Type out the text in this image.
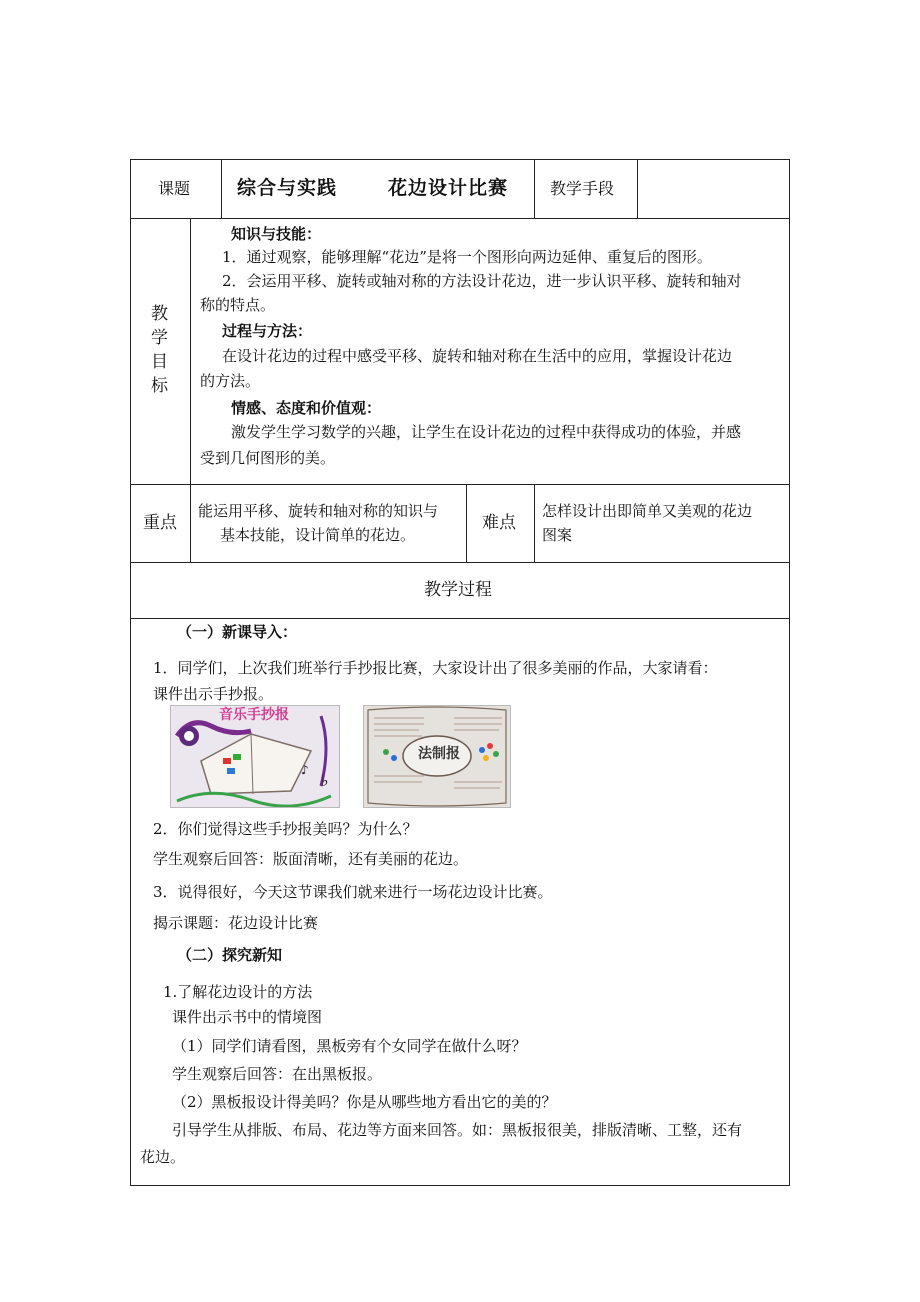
课题 综合与实践	花边设计比赛	教学手段
教
学
目
标
知识与技能：
1．通过观察，能够理解“花边”是将一个图形向两边延伸、重复后的图形。
2．会运用平移、旋转或轴对称的方法设计花边，进一步认识平移、旋转和轴对
称的特点。
过程与方法：
在设计花边的过程中感受平移、旋转和轴对称在生活中的应用，掌握设计花边
的方法。
情感、态度和价值观：
激发学生学习数学的兴趣，让学生在设计花边的过程中获得成功的体验，并感
受到几何图形的美。
重点
能运用平移、旋转和轴对称的知识与
基本技能，设计简单的花边。
难点
怎样设计出即简单又美观的花边
图案
教学过程
（一）新课导入：
1．同学们，上次我们班举行手抄报比赛，大家设计出了很多美丽的作品，大家请看：
课件出示手抄报。
♭
♪
音乐手抄报
法制报
2．你们觉得这些手抄报美吗？为什么？
学生观察后回答：版面清晰，还有美丽的花边。
3．说得很好，今天这节课我们就来进行一场花边设计比赛。
揭示课题：花边设计比赛
（二）探究新知
1.了解花边设计的方法
课件出示书中的情境图
（1）同学们请看图，黑板旁有个女同学在做什么呀？
学生观察后回答：在出黑板报。
（2）黑板报设计得美吗？你是从哪些地方看出它的美的？
引导学生从排版、布局、花边等方面来回答。如：黑板报很美，排版清晰、工整，还有
花边。
